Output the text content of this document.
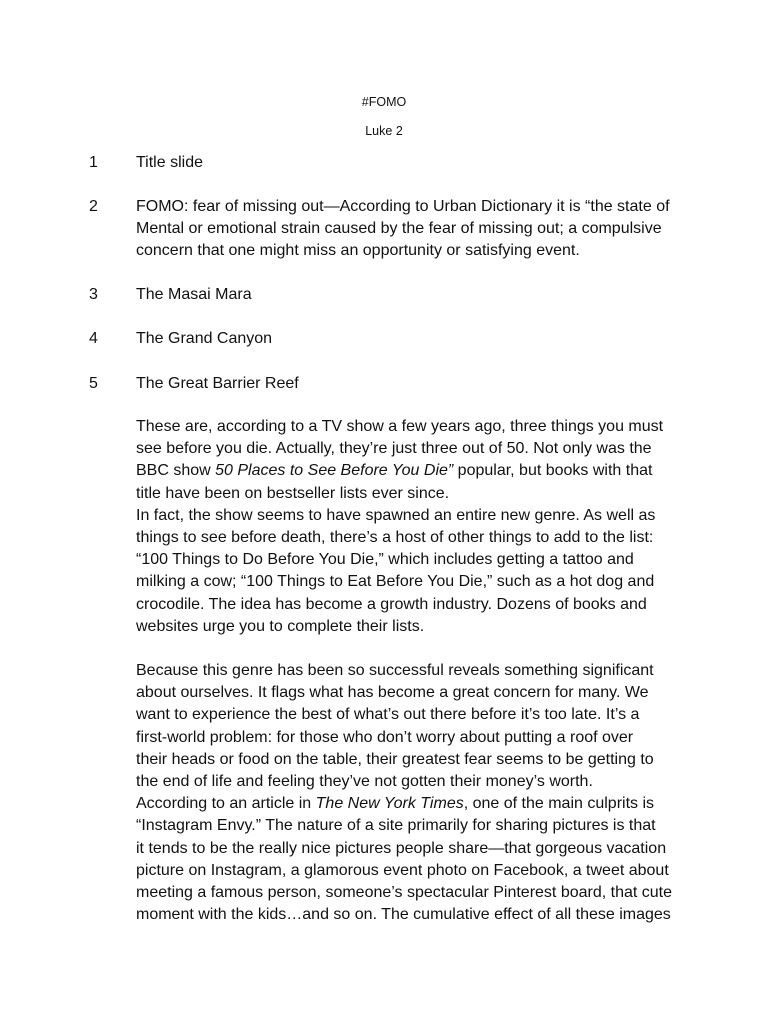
#FOMO
Luke 2
1 Title slide
2 FOMO: fear of missing out—According to Urban Dictionary it is “the state of
Mental or emotional strain caused by the fear of missing out; a compulsive
concern that one might miss an opportunity or satisfying event.
3 The Masai Mara
4 The Grand Canyon
5 The Great Barrier Reef
These are, according to a TV show a few years ago, three things you must
see before you die. Actually, they’re just three out of 50. Not only was the
BBC show 50 Places to See Before You Die” popular, but books with that
title have been on bestseller lists ever since.
In fact, the show seems to have spawned an entire new genre. As well as
things to see before death, there’s a host of other things to add to the list:
“100 Things to Do Before You Die,” which includes getting a tattoo and
milking a cow; “100 Things to Eat Before You Die,” such as a hot dog and
crocodile. The idea has become a growth industry. Dozens of books and
websites urge you to complete their lists.
Because this genre has been so successful reveals something significant
about ourselves. It flags what has become a great concern for many. We
want to experience the best of what’s out there before it’s too late. It’s a
first-world problem: for those who don’t worry about putting a roof over
their heads or food on the table, their greatest fear seems to be getting to
the end of life and feeling they’ve not gotten their money’s worth.
According to an article in The New York Times, one of the main culprits is
“Instagram Envy.” The nature of a site primarily for sharing pictures is that
it tends to be the really nice pictures people share—that gorgeous vacation
picture on Instagram, a glamorous event photo on Facebook, a tweet about
meeting a famous person, someone’s spectacular Pinterest board, that cute
moment with the kids…and so on. The cumulative effect of all these images
